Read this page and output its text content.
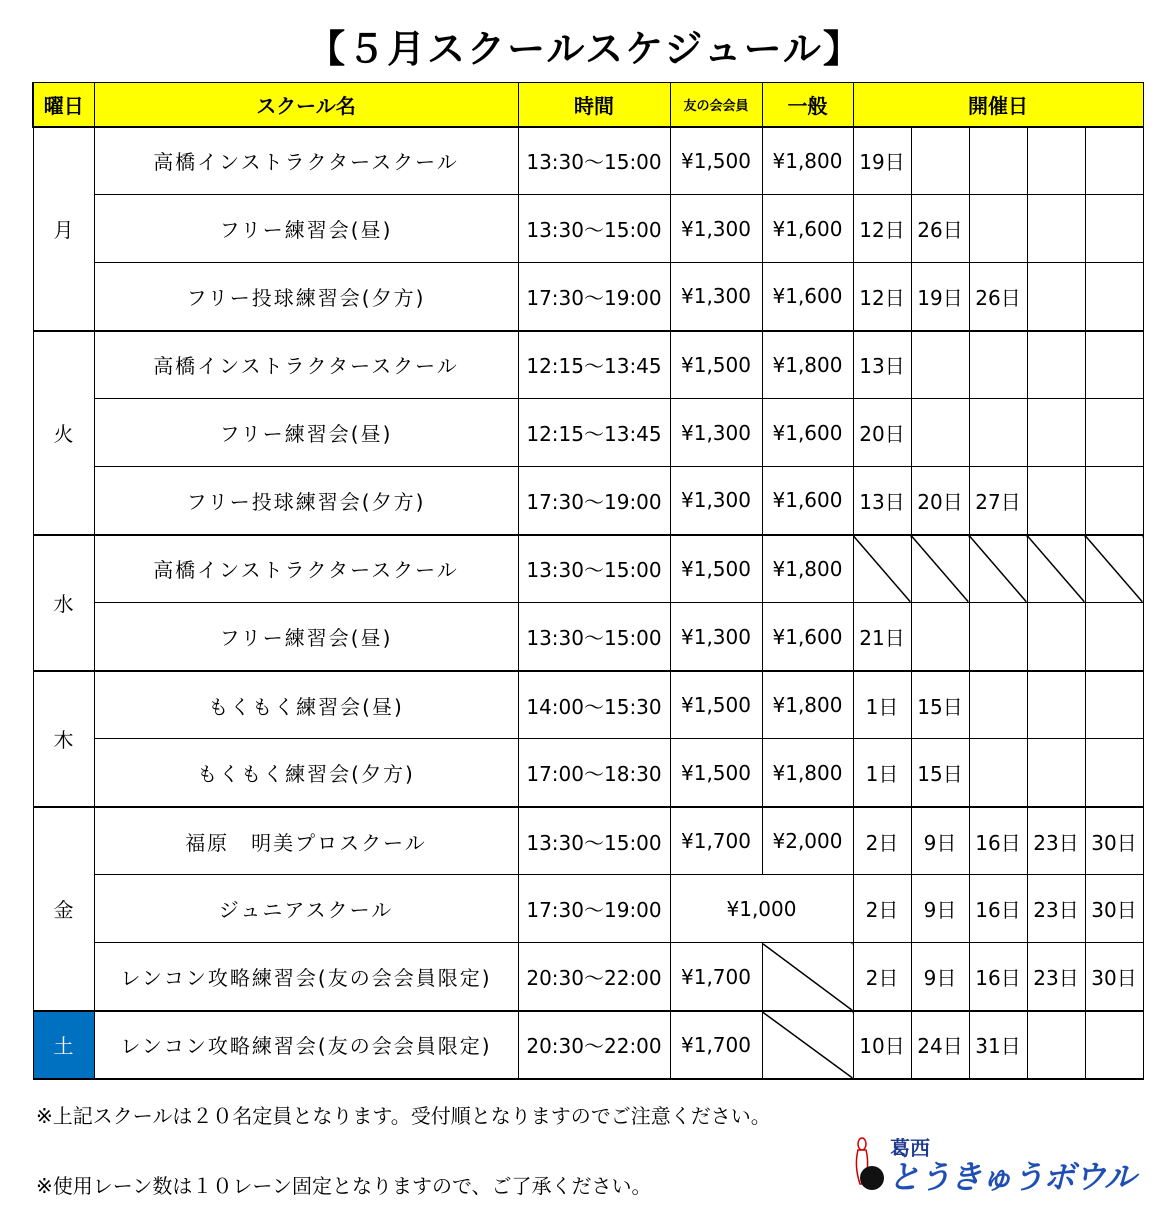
【５月スクールスケジュール】
曜日	スクール名	時間	友の会会員	一般	開催日				
月	高橋インストラクタースクール	13:30～15:00	¥1,500	¥1,800	19日				
	フリー練習会(昼)	13:30～15:00	¥1,300	¥1,600	12日	26日			
	フリー投球練習会(夕方)	17:30～19:00	¥1,300	¥1,600	12日	19日	26日		
火	高橋インストラクタースクール	12:15～13:45	¥1,500	¥1,800	13日				
	フリー練習会(昼)	12:15～13:45	¥1,300	¥1,600	20日				
	フリー投球練習会(夕方)	17:30～19:00	¥1,300	¥1,600	13日	20日	27日		
水	高橋インストラクタースクール	13:30～15:00	¥1,500	¥1,800					
	フリー練習会(昼)	13:30～15:00	¥1,300	¥1,600	21日				
木	もくもく練習会(昼)	14:00～15:30	¥1,500	¥1,800	1日	15日			
	もくもく練習会(夕方)	17:00～18:30	¥1,500	¥1,800	1日	15日			
金	福原　明美プロスクール	13:30～15:00	¥1,700	¥2,000	2日	9日	16日	23日	30日
	ジュニアスクール	17:30～19:00	¥1,000		2日	9日	16日	23日	30日
	レンコン攻略練習会(友の会会員限定)	20:30～22:00	¥1,700		2日	9日	16日	23日	30日
土	レンコン攻略練習会(友の会会員限定)	20:30～22:00	¥1,700		10日	24日	31日		
※上記スクールは２０名定員となります。受付順となりますのでご注意ください。
※使用レーン数は１０レーン固定となりますので、ご了承ください。
葛西
とうきゅうボウル
